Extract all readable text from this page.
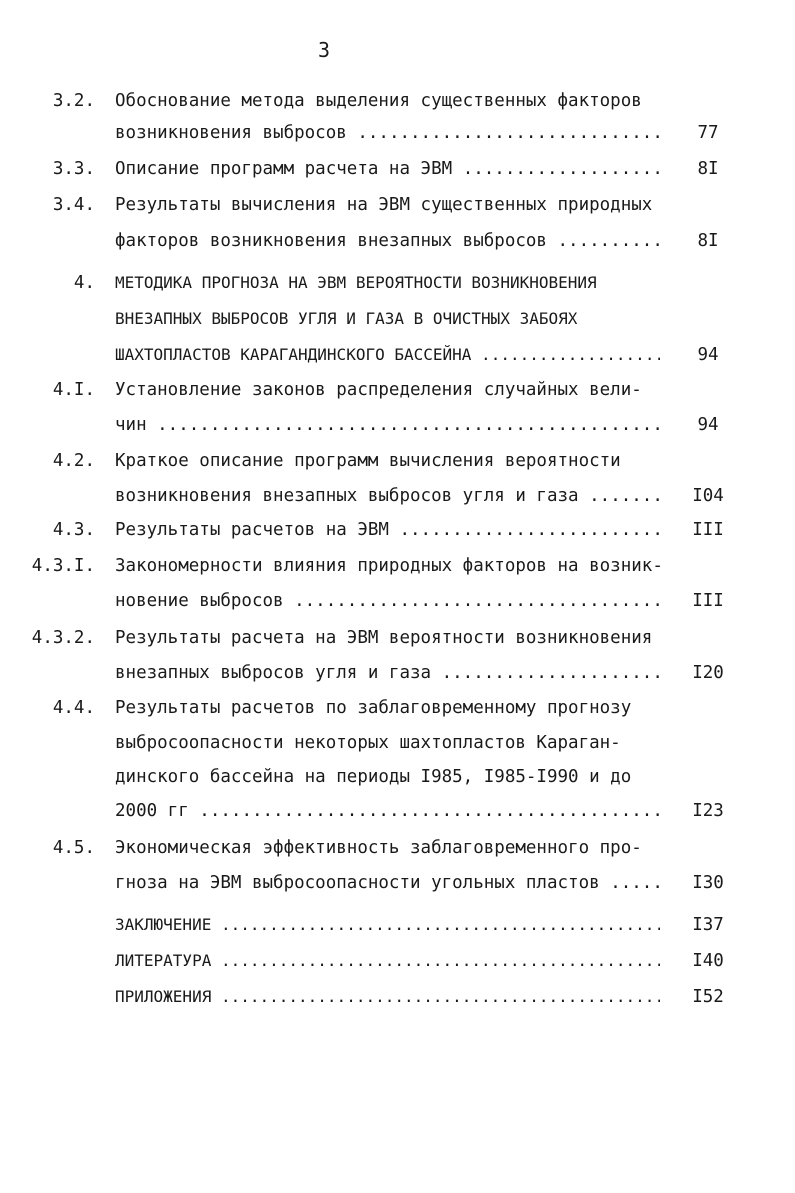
3
3.2. Обоснование метода выделения существенных факторов
возникновения выбросов .....	77
3.3. Описание программ расчета на ЭВМ .....	8I
3.4. Результаты вычисления на ЭВМ существенных природных
факторов возникновения внезапных выбросов .....	8I
4. МЕТОДИКА ПРОГНОЗА НА ЭВМ ВЕРОЯТНОСТИ ВОЗНИКНОВЕНИЯ
ВНЕЗАПНЫХ ВЫБРОСОВ УГЛЯ И ГАЗА В ОЧИСТНЫХ ЗАБОЯХ
ШАХТОПЛАСТОВ КАРАГАНДИНСКОГО БАССЕЙНА .....	94
4.I. Установление законов распределения случайных вели-
чин .....	94
4.2. Краткое описание программ вычисления вероятности
возникновения внезапных выбросов угля и газа .....	I04
4.3. Результаты расчетов на ЭВМ .....	III
4.3.I. Закономерности влияния природных факторов на возник-
новение выбросов .....	III
4.3.2. Результаты расчета на ЭВМ вероятности возникновения
внезапных выбросов угля и газа .....	I20
4.4. Результаты расчетов по заблаговременному прогнозу
выбросоопасности некоторых шахтопластов Караган-
динского бассейна на периоды I985, I985-I990 и до
2000 гг .....	I23
4.5. Экономическая эффективность заблаговременного про-
гноза на ЭВМ выбросоопасности угольных пластов .....	I30
ЗАКЛЮЧЕНИЕ .....	I37
ЛИТЕРАТУРА .....	I40
ПРИЛОЖЕНИЯ .....	I52
